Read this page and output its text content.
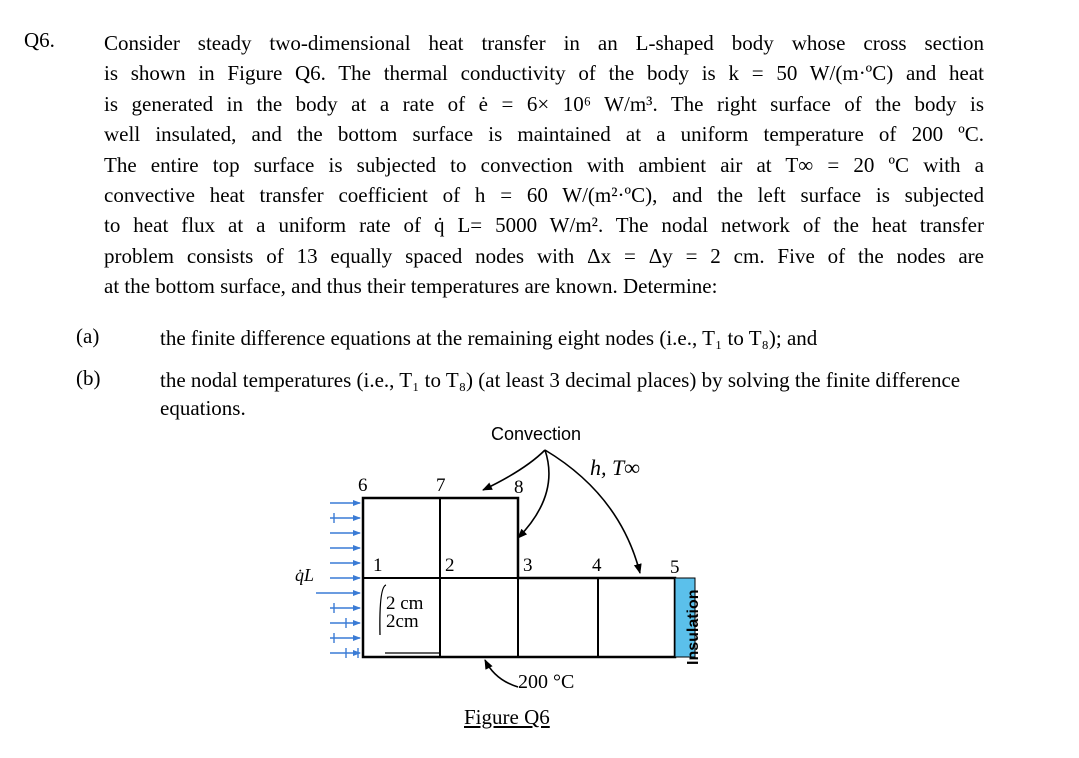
Q6. Consider steady two-dimensional heat transfer in an L-shaped body whose cross section
is shown in Figure Q6. The thermal conductivity of the body is k = 50 W/(m·ºC) and heat
is generated in the body at a rate of ė = 6× 10⁶ W/m³. The right surface of the body is
well insulated, and the bottom surface is maintained at a uniform temperature of 200 ºC.
The entire top surface is subjected to convection with ambient air at T∞ = 20 ºC with a
convective heat transfer coefficient of h = 60 W/(m²·ºC), and the left surface is subjected
to heat flux at a uniform rate of q̇ L= 5000 W/m². The nodal network of the heat transfer
problem consists of 13 equally spaced nodes with Δx = Δy = 2 cm. Five of the nodes are
at the bottom surface, and thus their temperatures are known. Determine:
(a)	the finite difference equations at the remaining eight nodes (i.e., T₁ to T₈); and
(b)	the nodal temperatures (i.e., T₁ to T₈) (at least 3 decimal places) by solving the finite difference equations.
Convection
h, T∞
q̇L
Insulation
2 cm
2cm
200 °C
Figure Q6
1	2	3	4	5
6	7	8
